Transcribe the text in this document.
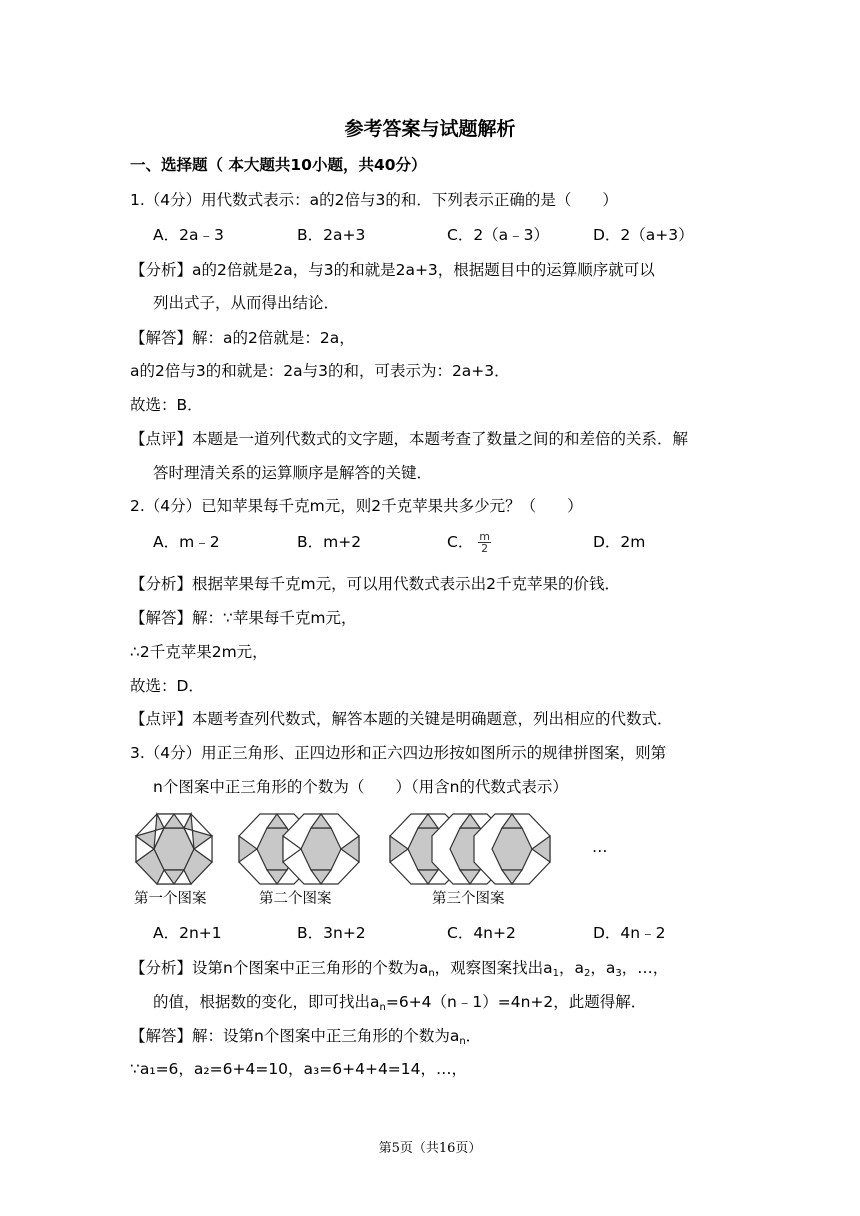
参考答案与试题解析
一、选择题（ 本大题共10小题，共40分）
1.（4分）用代数式表示：a的2倍与3的和．下列表示正确的是（　　）
A．2a﹣3	B．2a+3	C．2（a﹣3）	D．2（a+3）
【分析】a的2倍就是2a，与3的和就是2a+3，根据题目中的运算顺序就可以
列出式子，从而得出结论．
【解答】解：a的2倍就是：2a，
a的2倍与3的和就是：2a与3的和，可表示为：2a+3．
故选：B．
【点评】本题是一道列代数式的文字题，本题考查了数量之间的和差倍的关系．解
答时理清关系的运算顺序是解答的关键．
2.（4分）已知苹果每千克m元，则2千克苹果共多少元？（　　）
A．m﹣2	B．m+2	C． $\frac{m}{2}$	D．2m
【分析】根据苹果每千克m元，可以用代数式表示出2千克苹果的价钱．
【解答】解：∵苹果每千克m元，
∴2千克苹果2m元，
故选：D．
【点评】本题考查列代数式，解答本题的关键是明确题意，列出相应的代数式．
3.（4分）用正三角形、正四边形和正六四边形按如图所示的规律拼图案，则第
n个图案中正三角形的个数为（　　）（用含n的代数式表示）
…
第一个图案	第二个图案	第三个图案
A．2n+1	B．3n+2	C．4n+2	D．4n﹣2
【分析】设第n个图案中正三角形的个数为$a_n$，观察图案找出$a_1$，$a_2$，$a_3$，…，
的值，根据数的变化，即可找出$a_n=6+4(n﹣1)=4n+2$，此题得解．
【解答】解：设第n个图案中正三角形的个数为$a_n$．
∵a₁=6，a₂=6+4=10，a₃=6+4+4=14，…，
第5页（共16页）
